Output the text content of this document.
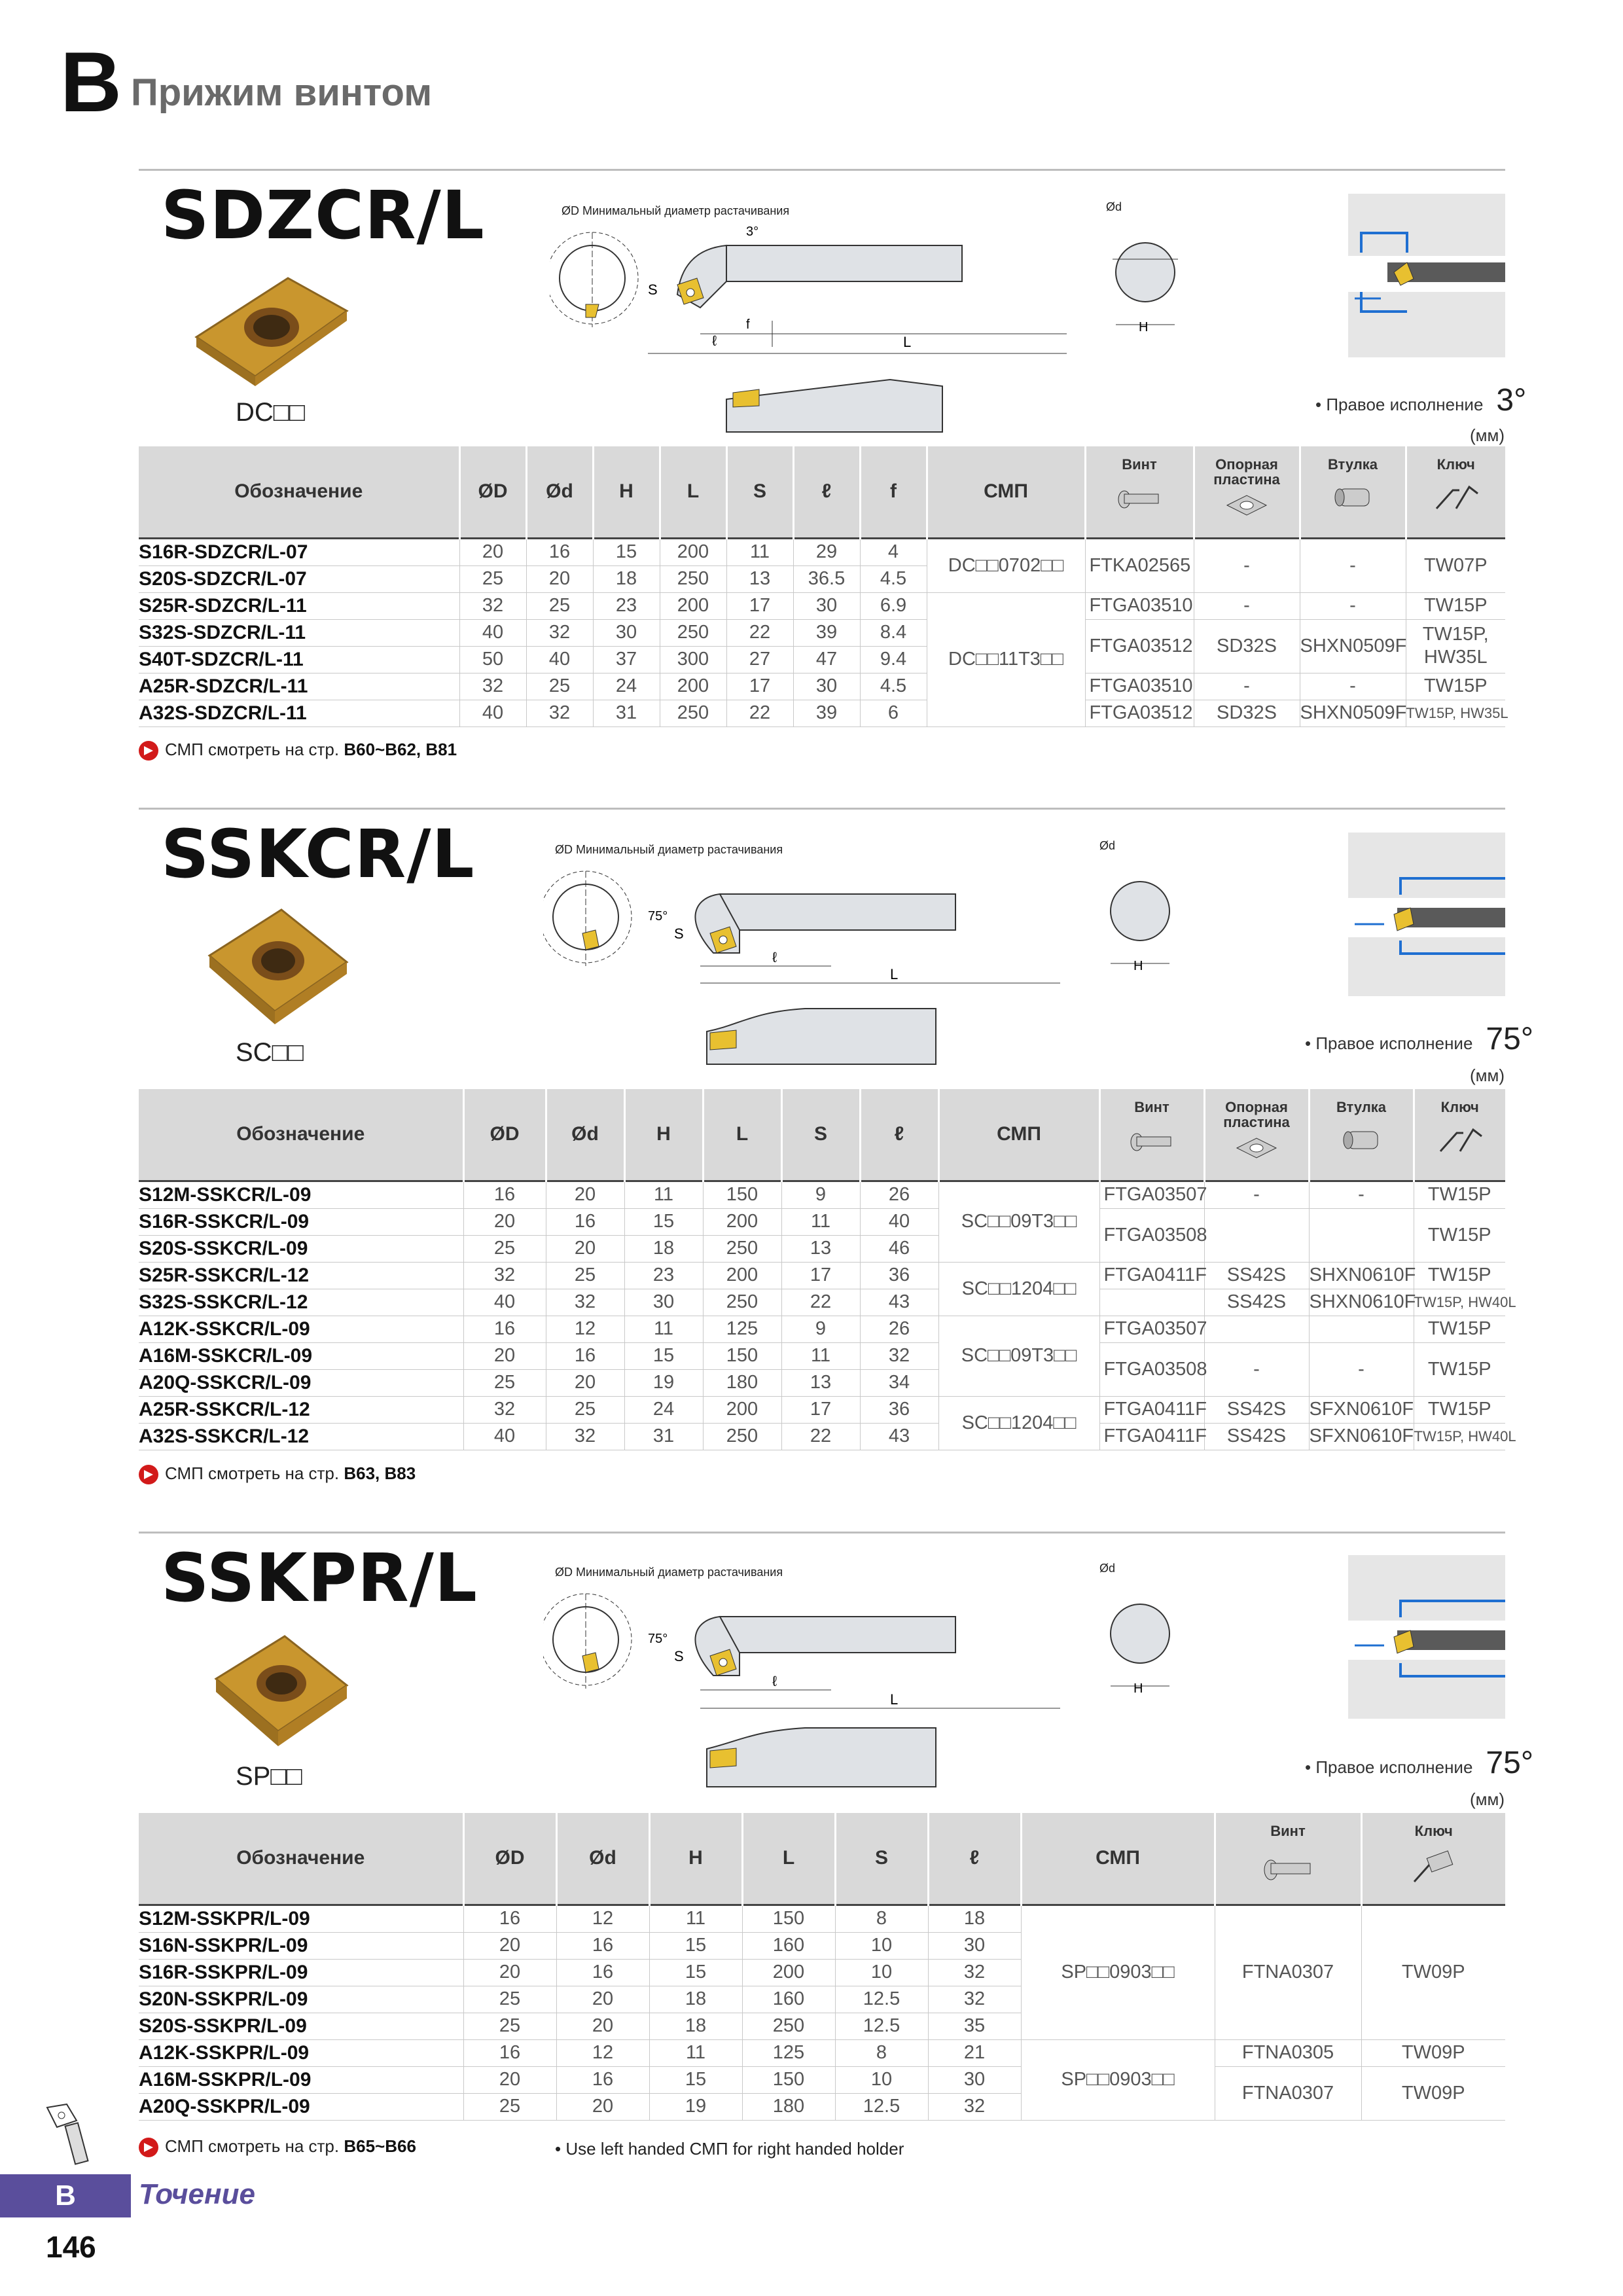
B Прижим винтом
SDZCR/L
DC□□
ØD Минимальный диаметр растачивания	Ød
f
ℓ	L
S
3°
H
• Правое исполнение 3°
(мм)
Обозначение	ØD	Ød	H	L	S	ℓ	f	СМП	Винт	Опорная пластина	Втулка	Ключ

S16R-SDZCR/L-07	20	16	15	200	11	29	4	DC□□0702□□	FTKA02565	-	-	TW07P
S20S-SDZCR/L-07	25	20	18	250	13	36.5	4.5					
S25R-SDZCR/L-11	32	25	23	200	17	30	6.9	DC□□11T3□□	FTGA03510	-	-	TW15P
S32S-SDZCR/L-11	40	32	30	250	22	39	8.4		FTGA03512	SD32S	SHXN0509F	TW15P, HW35L
S40T-SDZCR/L-11	50	40	37	300	27	47	9.4					
A25R-SDZCR/L-11	32	25	24	200	17	30	4.5		FTGA03510	-	-	TW15P
A32S-SDZCR/L-11	40	32	31	250	22	39	6		FTGA03512	SD32S	SHXN0509F	TW15P, HW35L
СМП смотреть на стр. B60~B62, B81
SSKCR/L
SC□□
ØD Минимальный диаметр растачивания	Ød
ℓ
L
S
75°
H
• Правое исполнение 75°
(мм)
Обозначение	ØD	Ød	H	L	S	ℓ	СМП	Винт	Опорная пластина	Втулка	Ключ

S12M-SSKCR/L-09	16	20	11	150	9	26	SC□□09T3□□	FTGA03507	-	-	TW15P
S16R-SSKCR/L-09	20	16	15	200	11	40		FTGA03508			TW15P
S20S-SSKCR/L-09	25	20	18	250	13	46					
S25R-SSKCR/L-12	32	25	23	200	17	36	SC□□1204□□	FTGA0411F	SS42S	SHXN0610F	TW15P
S32S-SSKCR/L-12	40	32	30	250	22	43			SS42S	SHXN0610F	TW15P, HW40L
A12K-SSKCR/L-09	16	12	11	125	9	26	SC□□09T3□□	FTGA03507			TW15P
A16M-SSKCR/L-09	20	16	15	150	11	32		FTGA03508	-	-	TW15P
A20Q-SSKCR/L-09	25	20	19	180	13	34					
A25R-SSKCR/L-12	32	25	24	200	17	36	SC□□1204□□	FTGA0411F	SS42S	SFXN0610F	TW15P
A32S-SSKCR/L-12	40	32	31	250	22	43		FTGA0411F	SS42S	SFXN0610F	TW15P, HW40L
СМП смотреть на стр. B63, B83
SSKPR/L
SP□□
ØD Минимальный диаметр растачивания	Ød
ℓ
L
S
75°
H
• Правое исполнение 75°
(мм)
Обозначение	ØD	Ød	H	L	S	ℓ	СМП	Винт	Ключ

S12M-SSKPR/L-09	16	12	11	150	8	18	SP□□0903□□	FTNA0307	TW09P
S16N-SSKPR/L-09	20	16	15	160	10	30			
S16R-SSKPR/L-09	20	16	15	200	10	32			
S20N-SSKPR/L-09	25	20	18	160	12.5	32			
S20S-SSKPR/L-09	25	20	18	250	12.5	35			
A12K-SSKPR/L-09	16	12	11	125	8	21	SP□□0903□□	FTNA0305	TW09P
A16M-SSKPR/L-09	20	16	15	150	10	30		FTNA0307	TW09P
A20Q-SSKPR/L-09	25	20	19	180	12.5	32			
СМП смотреть на стр. B65~B66	• Use left handed СМП for right handed holder
B	Точение
146
